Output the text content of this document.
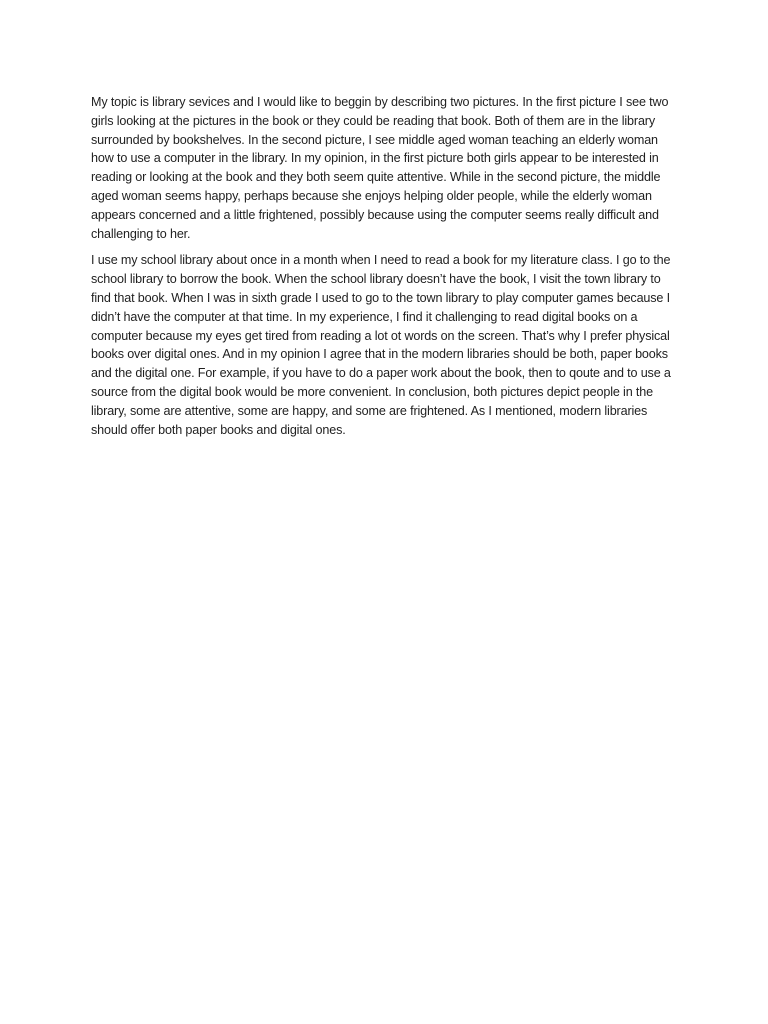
My topic is library sevices and I would like to beggin by describing two pictures. In the first picture I see two girls looking at the pictures in the book or they could be reading that book. Both of them are in the library surrounded by bookshelves. In the second picture, I see middle aged woman teaching an elderly woman how to use a computer in the library. In my opinion, in the first picture both girls appear to be interested in reading or looking at the book and they both seem quite attentive. While in the second picture, the middle aged woman seems happy, perhaps because she enjoys helping older people, while the elderly woman appears concerned and a little frightened, possibly because using the computer seems really difficult and challenging to her.

I use my school library about once in a month when I need to read a book for my literature class. I go to the school library to borrow the book. When the school library doesn’t have the book, I visit the town library to find that book. When I was in sixth grade I used to go to the town library to play computer games because I didn’t have the computer at that time. In my experience, I find it challenging to read digital books on a computer because my eyes get tired from reading a lot ot words on the screen. That’s why I prefer physical books over digital ones. And in my opinion I agree that in the modern libraries should be both, paper books and the digital one. For example, if you have to do a paper work about the book, then to qoute and to use a source from the digital book would be more convenient. In conclusion, both pictures depict people in the library, some are attentive, some are happy, and some are frightened. As I mentioned, modern libraries should offer both paper books and digital ones.
